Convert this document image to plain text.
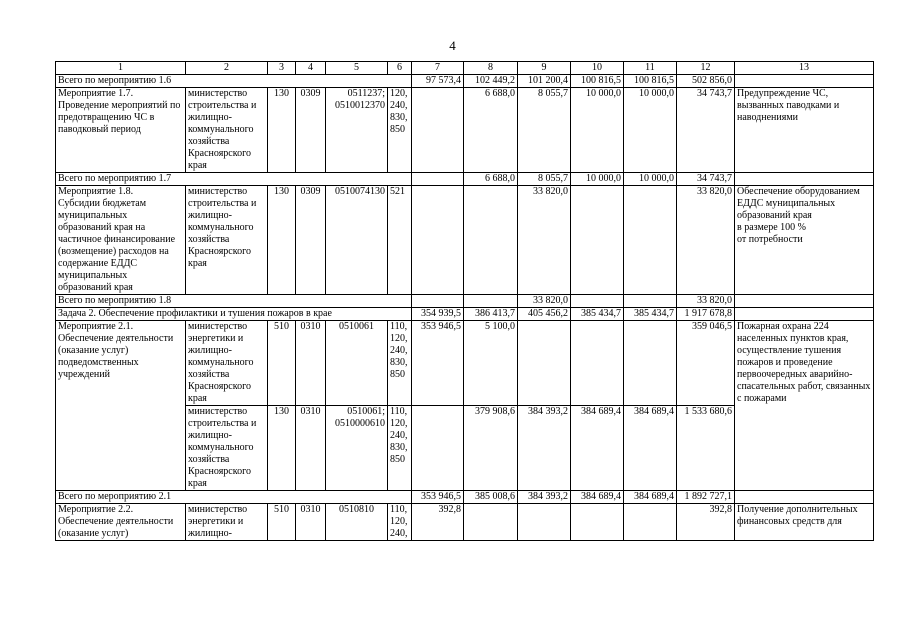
4
1	2	3	4	5	6	7	8	9	10	11	12	13
Всего по мероприятию 1.6						97 573,4	102 449,2	101 200,4	100 816,5	100 816,5	502 856,0	
Мероприятие 1.7.
Проведение мероприятий по предотвращению ЧС в паводковый период	министерство строительства и жилищно-коммунального хозяйства Красноярского края	130	0309	0511237;
0510012370	120,
240,
830,
850		6 688,0	8 055,7	10 000,0	10 000,0	34 743,7	Предупреждение ЧС, вызванных паводками и наводнениями
Всего по мероприятию 1.7							6 688,0	8 055,7	10 000,0	10 000,0	34 743,7	
Мероприятие 1.8.
Субсидии бюджетам муниципальных образований края на частичное финансирование (возмещение) расходов на содержание ЕДДС муниципальных образований края	министерство строительства и жилищно-коммунального хозяйства Красноярского края	130	0309	0510074130	521			33 820,0			33 820,0	Обеспечение оборудованием ЕДДС муниципальных образований края
в размере 100 %
от потребности
Всего по мероприятию 1.8								33 820,0			33 820,0	
Задача 2. Обеспечение профилактики и тушения пожаров в крае						354 939,5	386 413,7	405 456,2	385 434,7	385 434,7	1 917 678,8	
Мероприятие 2.1.
Обеспечение деятельности (оказание услуг) подведомственных учреждений	министерство энергетики и жилищно-коммунального хозяйства Красноярского края	510	0310	0510061	110,
120,
240,
830,
850	353 946,5	5 100,0				359 046,5	Пожарная охрана 224 населенных пунктов края, осуществление тушения пожаров и проведение первоочередных аварийно-спасательных работ, связанных с пожарами
	министерство строительства и жилищно-коммунального хозяйства Красноярского края	130	0310	0510061;
0510000610	110,
120,
240,
830,
850		379 908,6	384 393,2	384 689,4	384 689,4	1 533 680,6	
Всего по мероприятию 2.1						353 946,5	385 008,6	384 393,2	384 689,4	384 689,4	1 892 727,1	
Мероприятие 2.2.
Обеспечение деятельности (оказание услуг)	министерство энергетики и жилищно-	510	0310	0510810	110,
120,
240,	392,8					392,8	Получение дополнительных финансовых средств для
